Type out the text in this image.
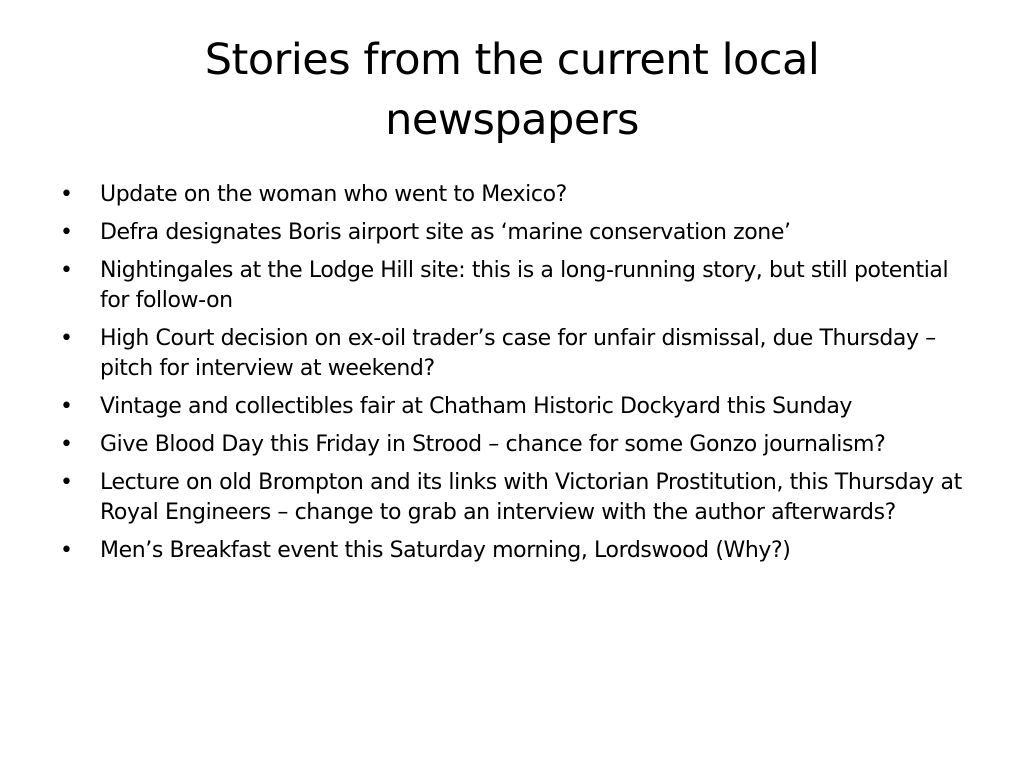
Stories from the current local newspapers
•	Update on the woman who went to Mexico?
•	Defra designates Boris airport site as ‘marine conservation zone’
•	Nightingales at the Lodge Hill site: this is a long-running story, but still potential for follow-on
•	High Court decision on ex-oil trader’s case for unfair dismissal, due Thursday – pitch for interview at weekend?
•	Vintage and collectibles fair at Chatham Historic Dockyard this Sunday
•	Give Blood Day this Friday in Strood – chance for some Gonzo journalism?
•	Lecture on old Brompton and its links with Victorian Prostitution, this Thursday at Royal Engineers – change to grab an interview with the author afterwards?
•	Men’s Breakfast event this Saturday morning, Lordswood (Why?)
